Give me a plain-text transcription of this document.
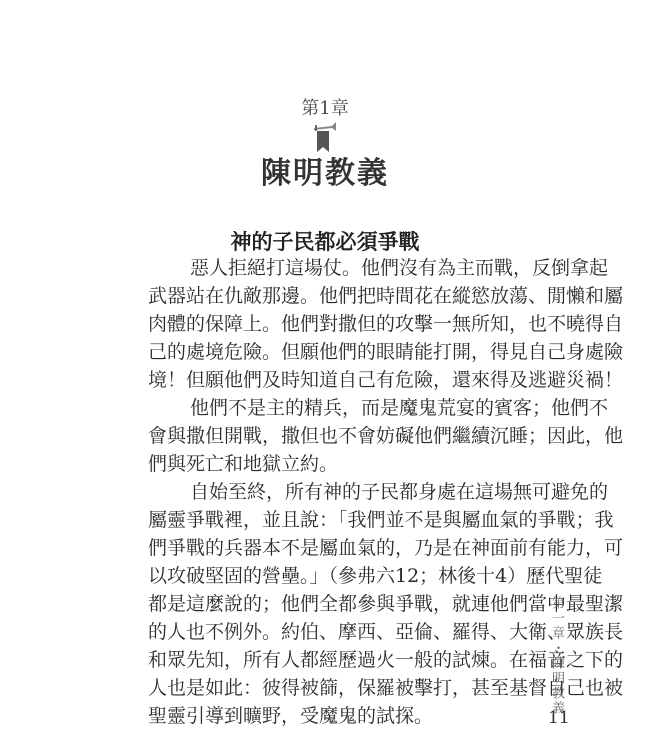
第1章
陳明教義
神的子民都必須爭戰
惡人拒絕打這場仗。他們沒有為主而戰，反倒拿起
武器站在仇敵那邊。他們把時間花在縱慾放蕩、閒懶和屬
肉體的保障上。他們對撒但的攻擊一無所知，也不曉得自
己的處境危險。但願他們的眼睛能打開，得見自己身處險
境！但願他們及時知道自己有危險，還來得及逃避災禍！
他們不是主的精兵，而是魔鬼荒宴的賓客；他們不
會與撒但開戰，撒但也不會妨礙他們繼續沉睡；因此，他
們與死亡和地獄立約。
自始至終，所有神的子民都身處在這場無可避免的
屬靈爭戰裡，並且說：「我們並不是與屬血氣的爭戰；我
們爭戰的兵器本不是屬血氣的，乃是在神面前有能力，可
以攻破堅固的營壘。」（參弗六12；林後十4）歷代聖徒
都是這麼說的；他們全都參與爭戰，就連他們當中最聖潔
的人也不例外。約伯、摩西、亞倫、羅得、大衛、眾族長
和眾先知，所有人都經歷過火一般的試煉。在福音之下的
人也是如此：彼得被篩，保羅被擊打，甚至基督自己也被
聖靈引導到曠野，受魔鬼的試探。	第一章・陳明教義
11
